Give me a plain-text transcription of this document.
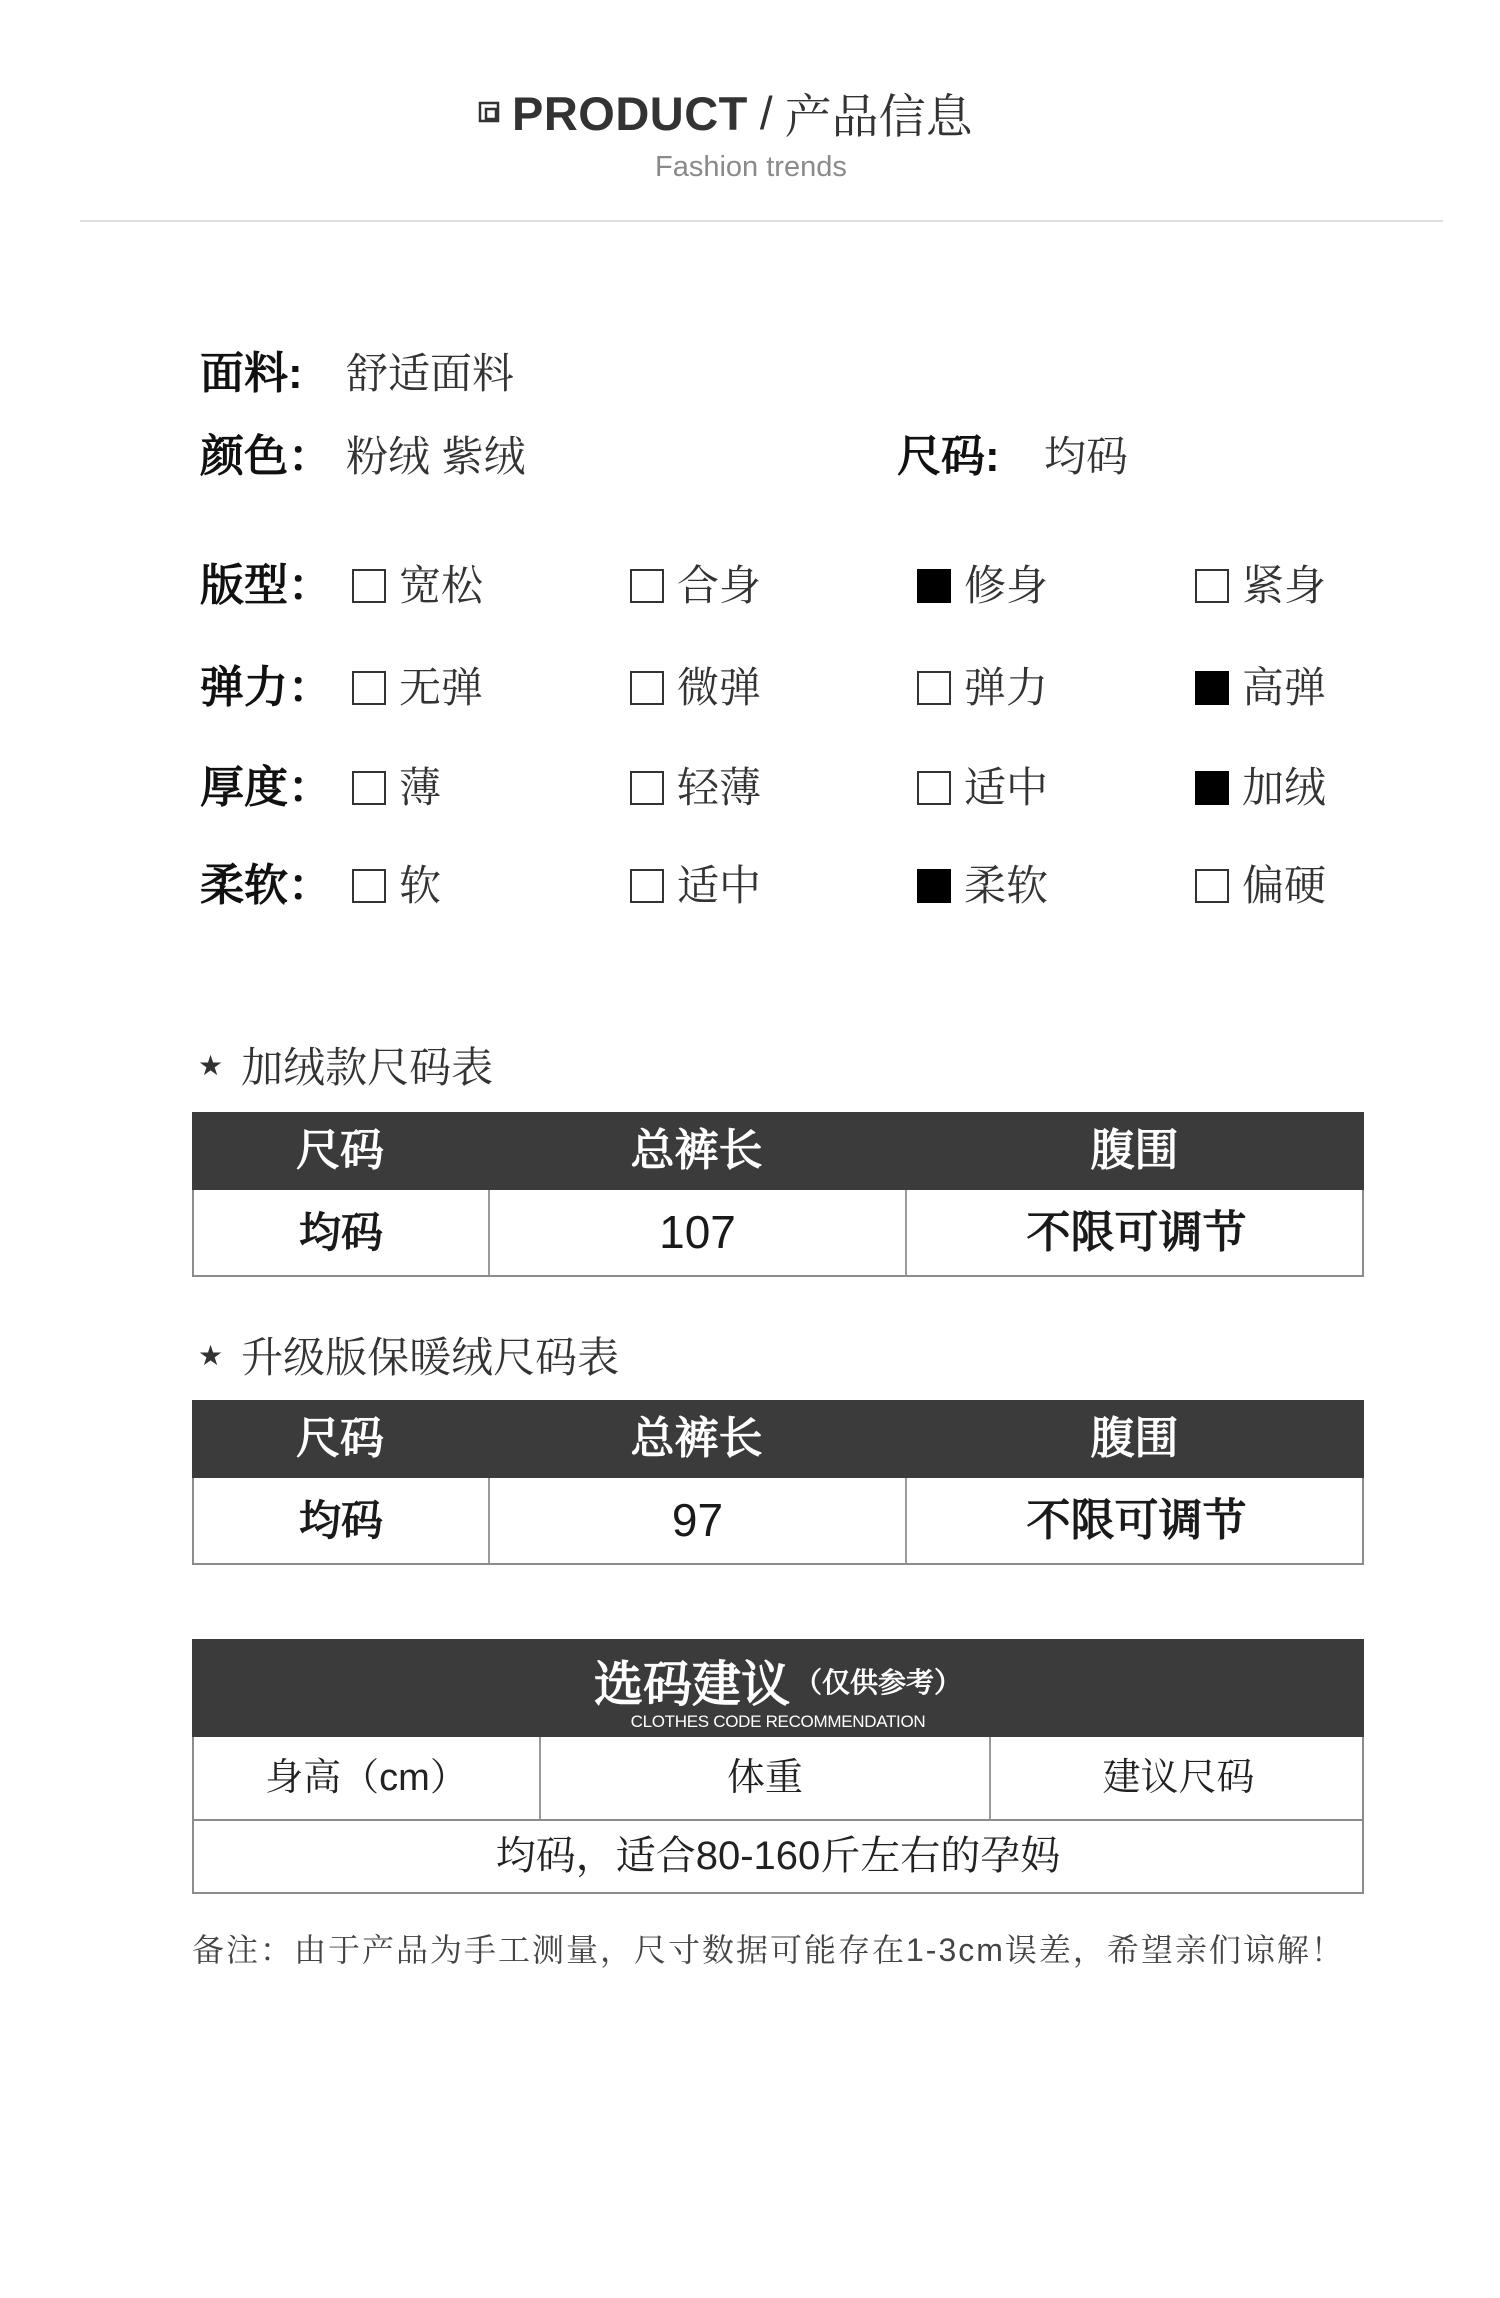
PRODUCT / 产品信息
Fashion trends
面料: 舒适面料
颜色： 粉绒 紫绒	尺码: 均码
版型： 宽松	合身	修身	紧身
弹力： 无弹	微弹	弹力	高弹
厚度： 薄	轻薄	适中	加绒
柔软： 软	适中	柔软	偏硬
★ 加绒款尺码表
尺码	总裤长	腹围
均码	107	不限可调节
★ 升级版保暖绒尺码表
尺码	总裤长	腹围
均码	97	不限可调节
选码建议 （仅供参考）
CLOTHES CODE RECOMMENDATION
身高（cm）	体重	建议尺码
均码，适合80-160斤左右的孕妈
备注：由于产品为手工测量，尺寸数据可能存在1-3cm误差，希望亲们谅解！
